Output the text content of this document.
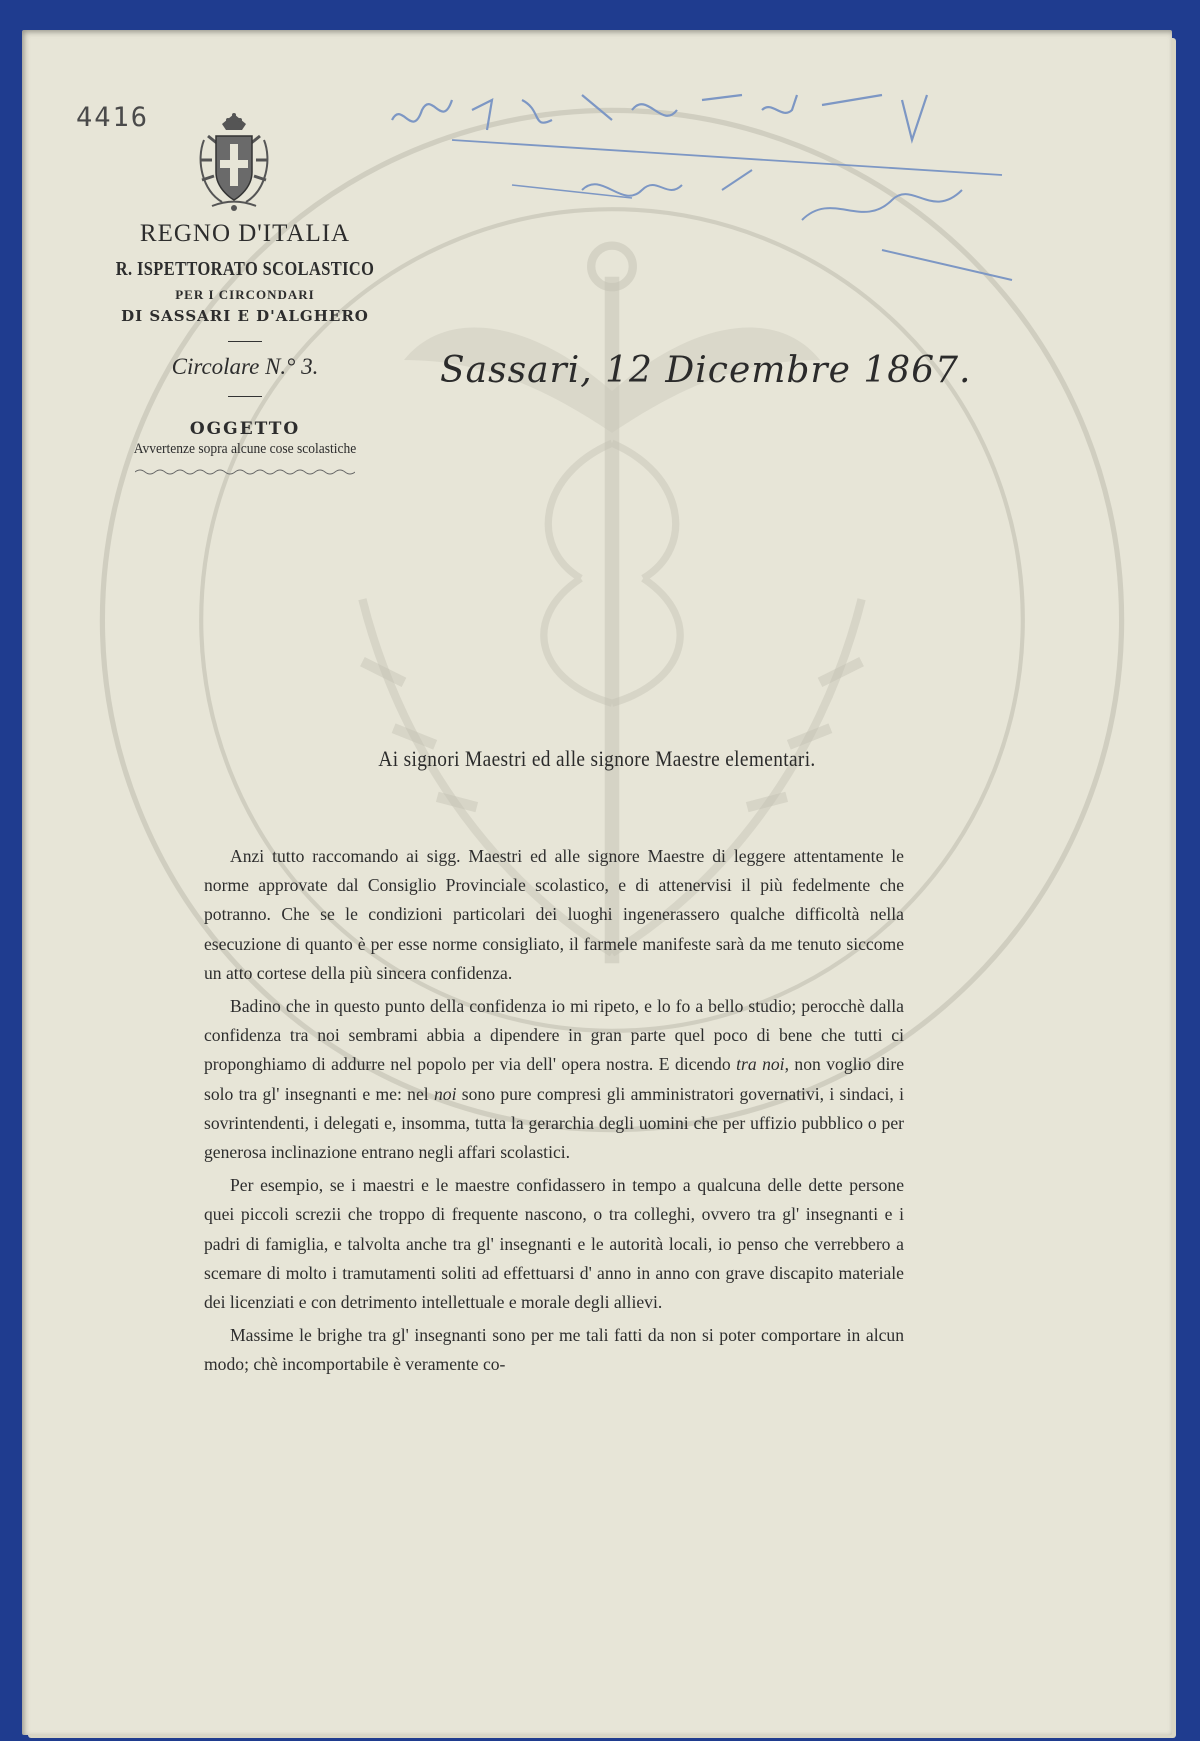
4416
REGNO D'ITALIA
R. ISPETTORATO SCOLASTICO
PER I CIRCONDARI
DI SASSARI E D'ALGHERO
Circolare N.° 3.
OGGETTO
Avvertenze sopra alcune cose scolastiche
Sassari, 12 Dicembre 1867.
Ai signori Maestri ed alle signore Maestre elementari.

Anzi tutto raccomando ai sigg. Maestri ed alle signore Maestre di leggere attentamente le norme approvate dal Consiglio Provinciale scolastico, e di attenervisi il più fedelmente che potranno. Che se le condizioni particolari dei luoghi ingenerassero qualche difficoltà nella esecuzione di quanto è per esse norme consigliato, il farmele manifeste sarà da me tenuto siccome un atto cortese della più sincera confidenza.

Badino che in questo punto della confidenza io mi ripeto, e lo fo a bello studio; perocchè dalla confidenza tra noi sembrami abbia a dipendere in gran parte quel poco di bene che tutti ci proponghiamo di addurre nel popolo per via dell' opera nostra. E dicendo tra noi, non voglio dire solo tra gl' insegnanti e me: nel noi sono pure compresi gli amministratori governativi, i sindaci, i sovrintendenti, i delegati e, insomma, tutta la gerarchia degli uomini che per uffizio pubblico o per generosa inclinazione entrano negli affari scolastici.

Per esempio, se i maestri e le maestre confidassero in tempo a qualcuna delle dette persone quei piccoli screzii che troppo di frequente nascono, o tra colleghi, ovvero tra gl' insegnanti e i padri di famiglia, e talvolta anche tra gl' insegnanti e le autorità locali, io penso che verrebbero a scemare di molto i tramutamenti soliti ad effettuarsi d' anno in anno con grave discapito materiale dei licenziati e con detrimento intellettuale e morale degli allievi.

Massime le brighe tra gl' insegnanti sono per me tali fatti da non si poter comportare in alcun modo; chè incomportabile è veramente co-
